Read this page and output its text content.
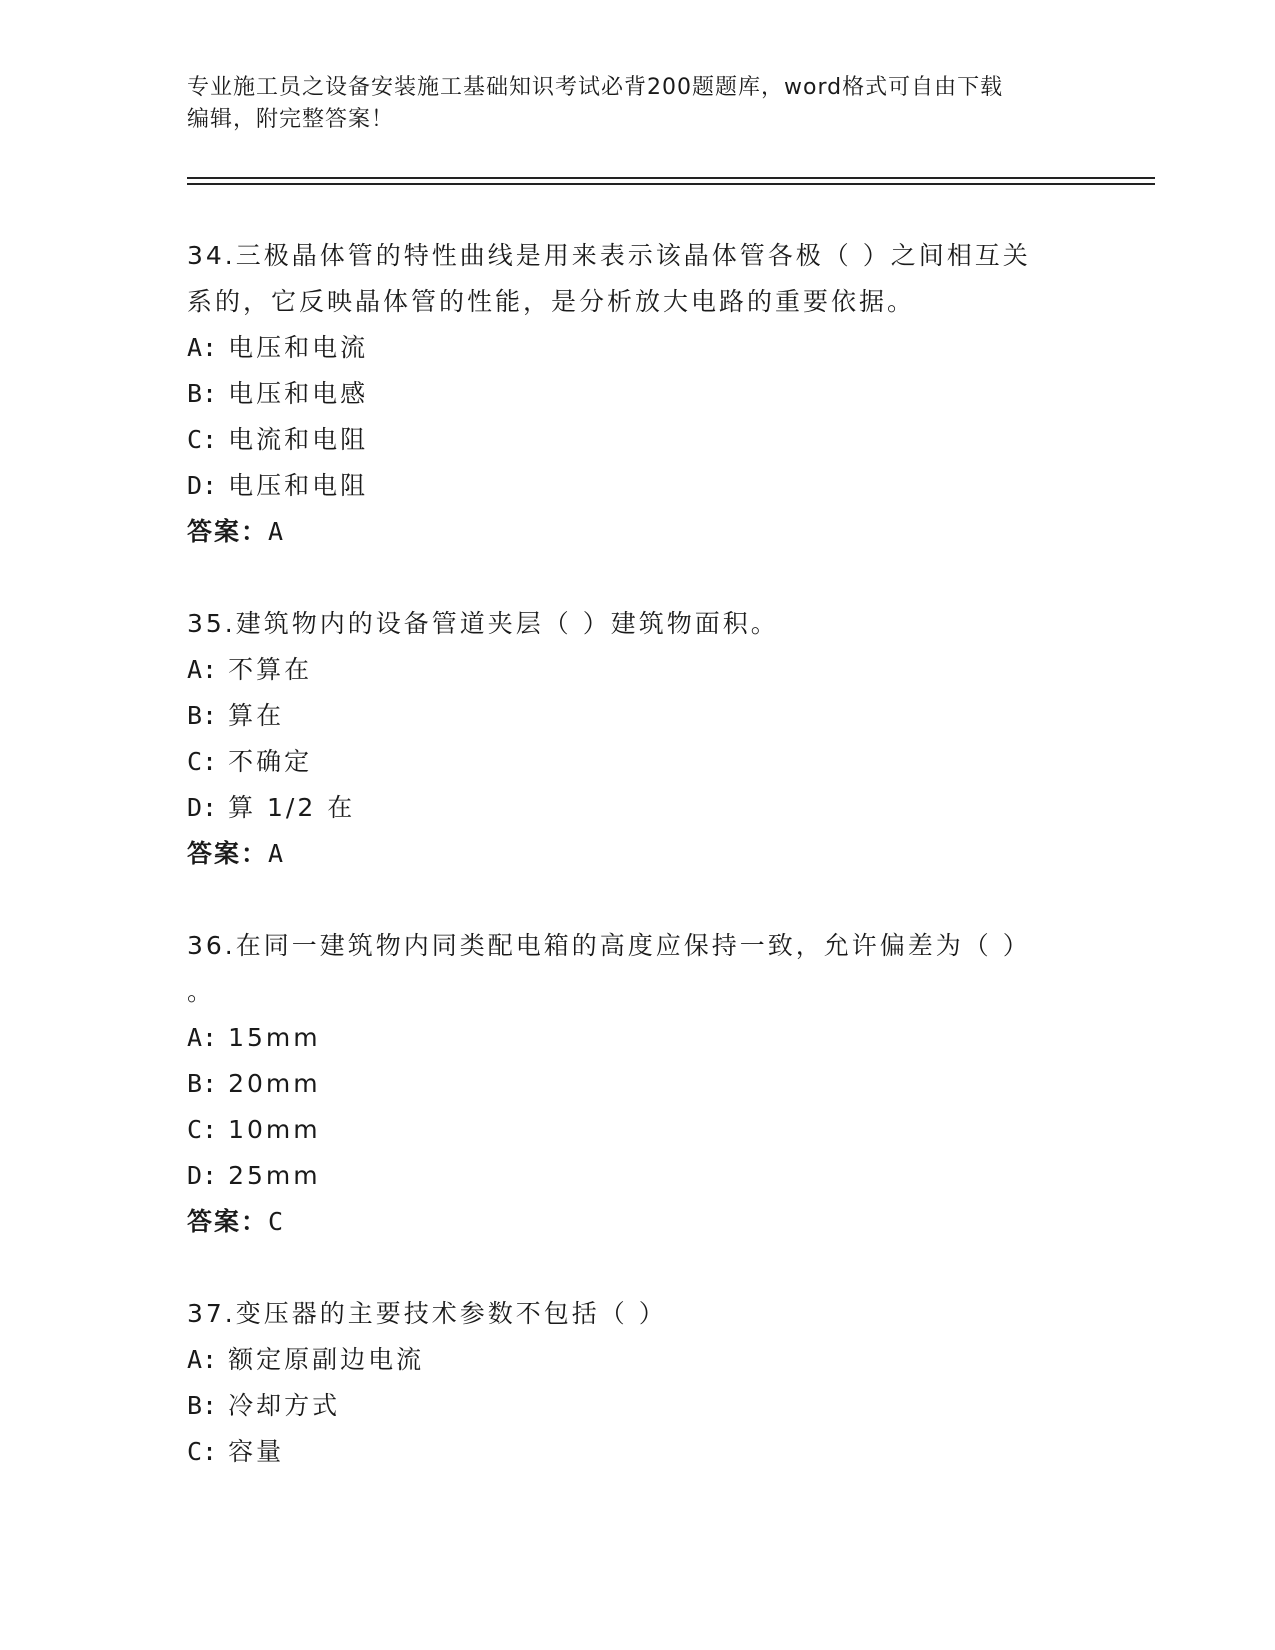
专业施工员之设备安装施工基础知识考试必背200题题库，word格式可自由下载
编辑，附完整答案！
34.三极晶体管的特性曲线是用来表示该晶体管各极（ ）之间相互关
系的，它反映晶体管的性能，是分析放大电路的重要依据。
A: 电压和电流
B: 电压和电感
C: 电流和电阻
D: 电压和电阻
答案：A
35.建筑物内的设备管道夹层（ ）建筑物面积。
A: 不算在
B: 算在
C: 不确定
D: 算 1/2 在
答案：A
36.在同一建筑物内同类配电箱的高度应保持一致，允许偏差为（ ）
。
A: 15mm
B: 20mm
C: 10mm
D: 25mm
答案：C
37.变压器的主要技术参数不包括（ ）
A: 额定原副边电流
B: 冷却方式
C: 容量
